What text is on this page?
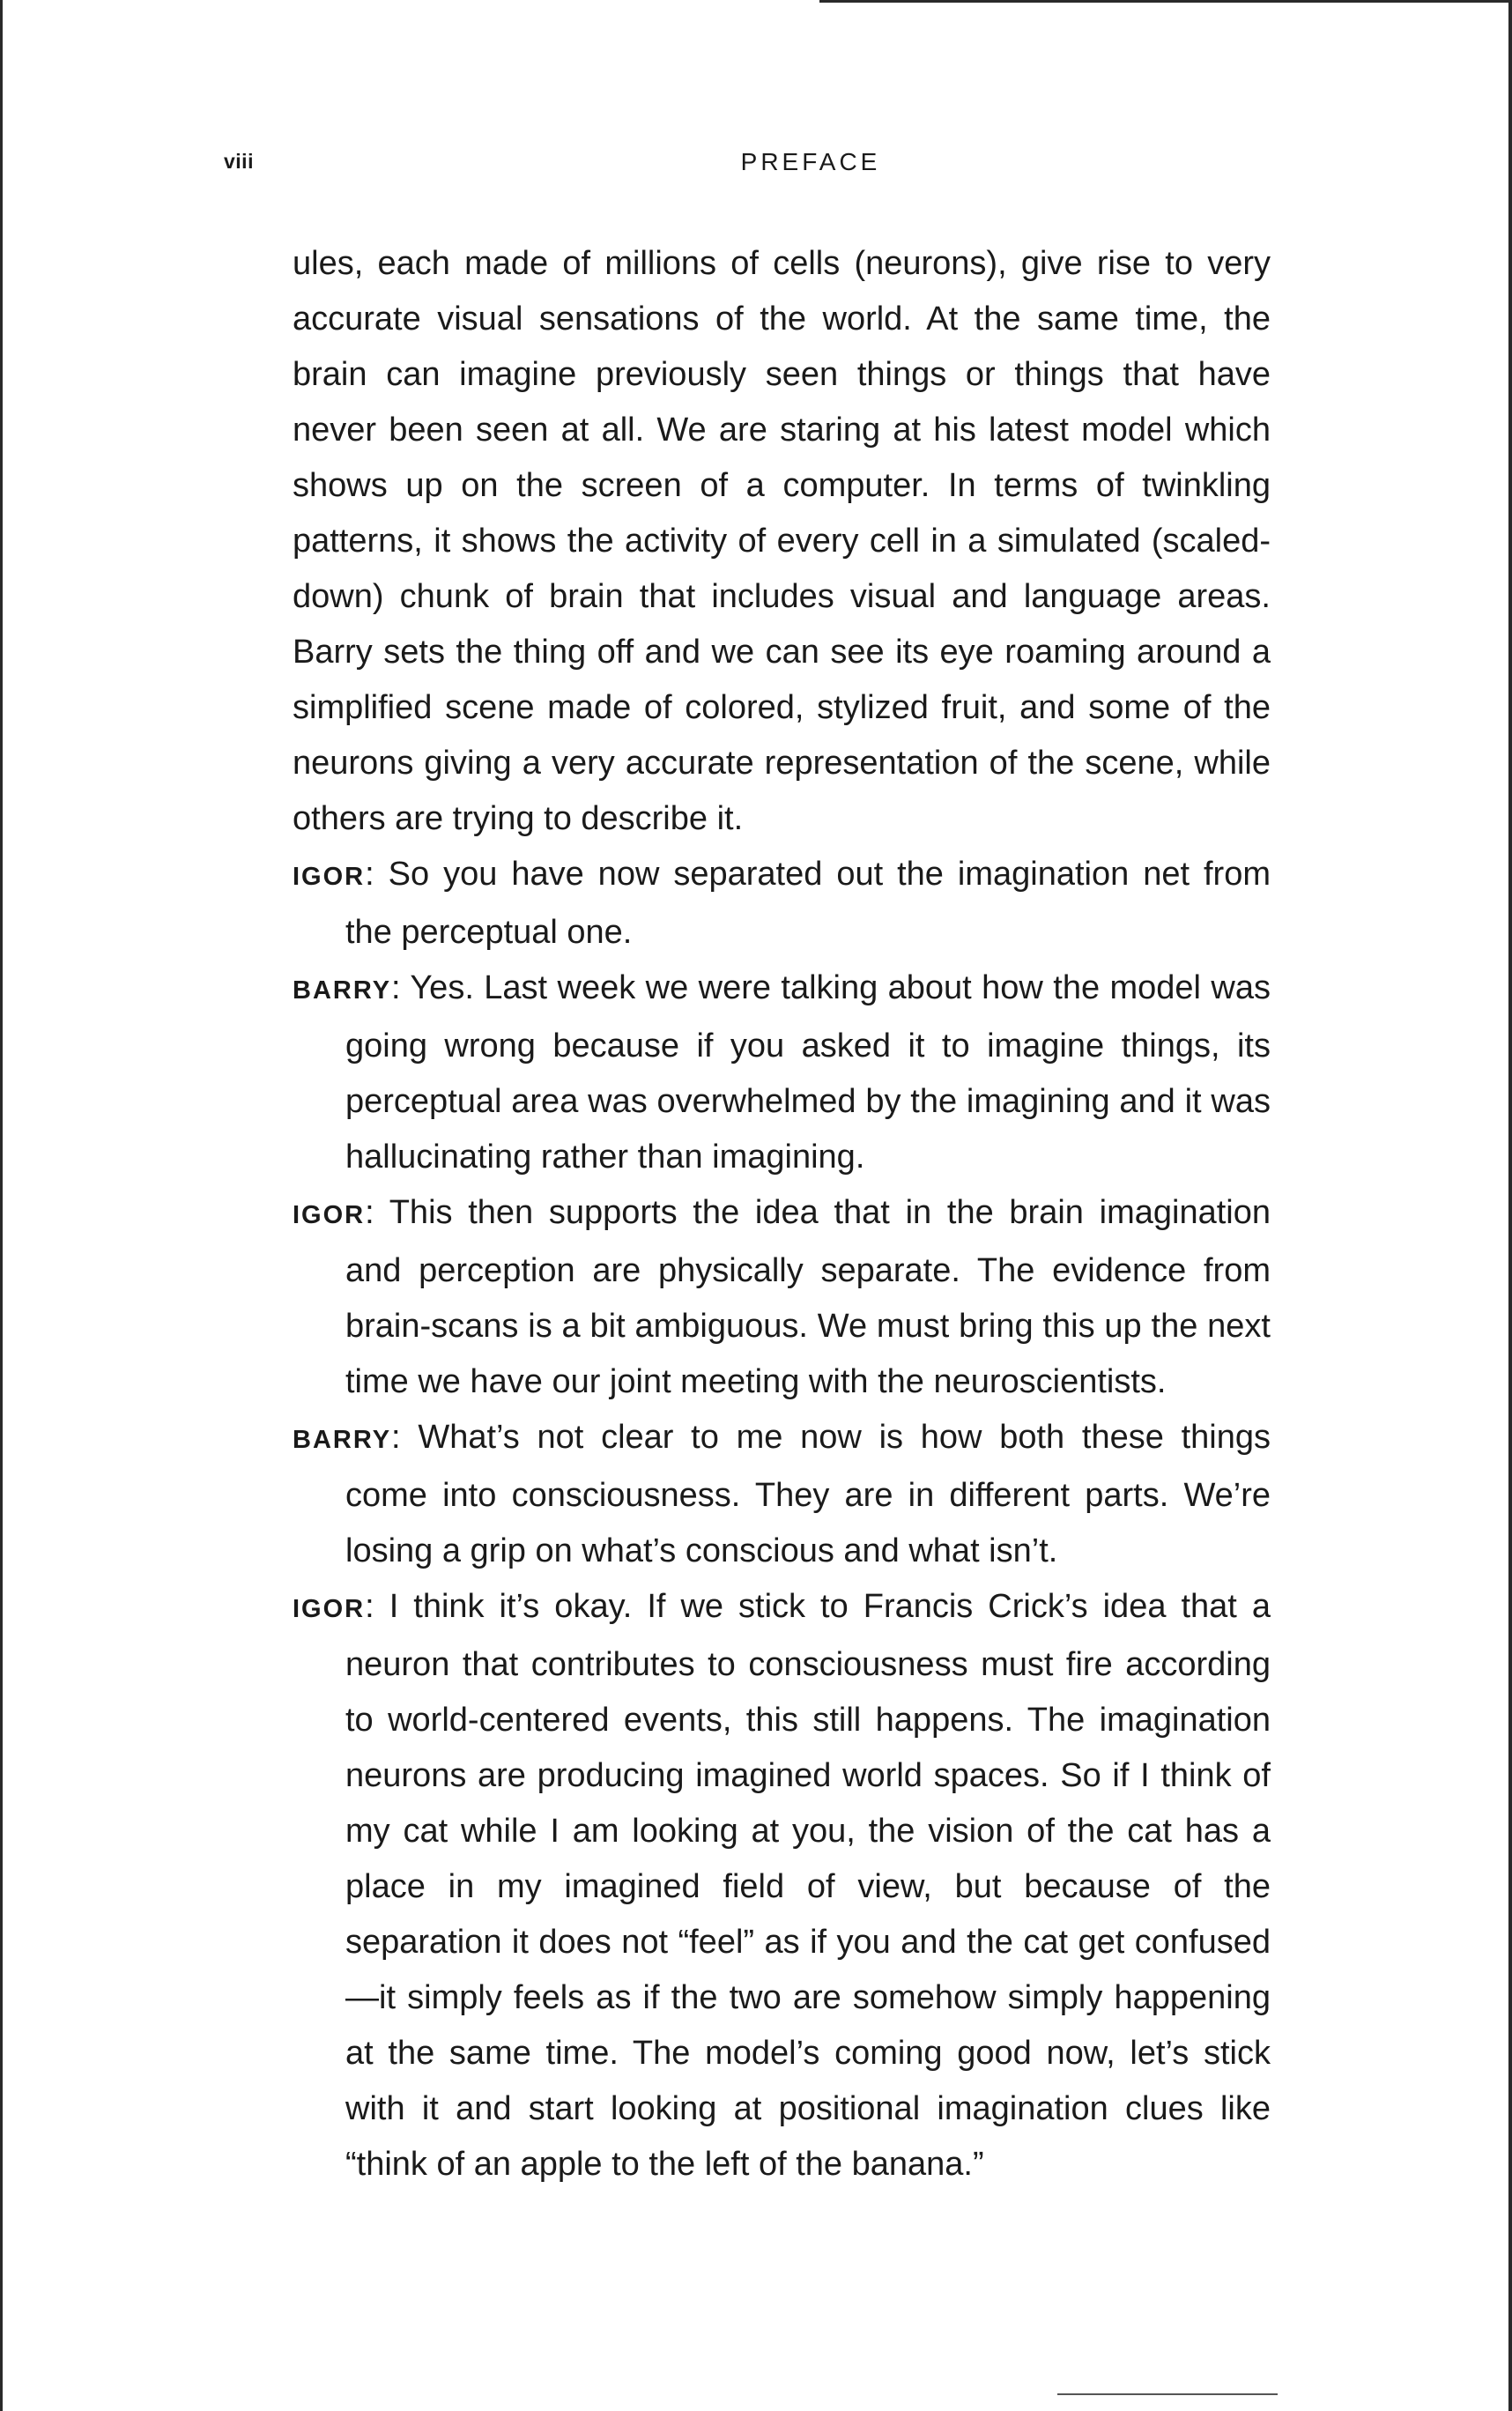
viii	PREFACE

ules, each made of millions of cells (neurons), give rise to very accurate visual sensations of the world. At the same time, the brain can imagine previously seen things or things that have never been seen at all. We are staring at his latest model which shows up on the screen of a computer. In terms of twinkling patterns, it shows the activity of every cell in a simulated (scaled-down) chunk of brain that includes visual and language areas. Barry sets the thing off and we can see its eye roaming around a simplified scene made of colored, stylized fruit, and some of the neurons giving a very accurate representation of the scene, while others are trying to describe it.

IGOR: So you have now separated out the imagination net from the perceptual one.

BARRY: Yes. Last week we were talking about how the model was going wrong because if you asked it to imagine things, its perceptual area was overwhelmed by the imagining and it was hallucinating rather than imagining.

IGOR: This then supports the idea that in the brain imagination and perception are physically separate. The evidence from brain-scans is a bit ambiguous. We must bring this up the next time we have our joint meeting with the neuroscientists.

BARRY: What’s not clear to me now is how both these things come into consciousness. They are in different parts. We’re losing a grip on what’s conscious and what isn’t.

IGOR: I think it’s okay. If we stick to Francis Crick’s idea that a neuron that contributes to consciousness must fire according to world-centered events, this still happens. The imagination neurons are producing imagined world spaces. So if I think of my cat while I am looking at you, the vision of the cat has a place in my imagined field of view, but because of the separation it does not “feel” as if you and the cat get confused—it simply feels as if the two are somehow simply happening at the same time. The model’s coming good now, let’s stick with it and start looking at positional imagination clues like “think of an apple to the left of the banana.”
